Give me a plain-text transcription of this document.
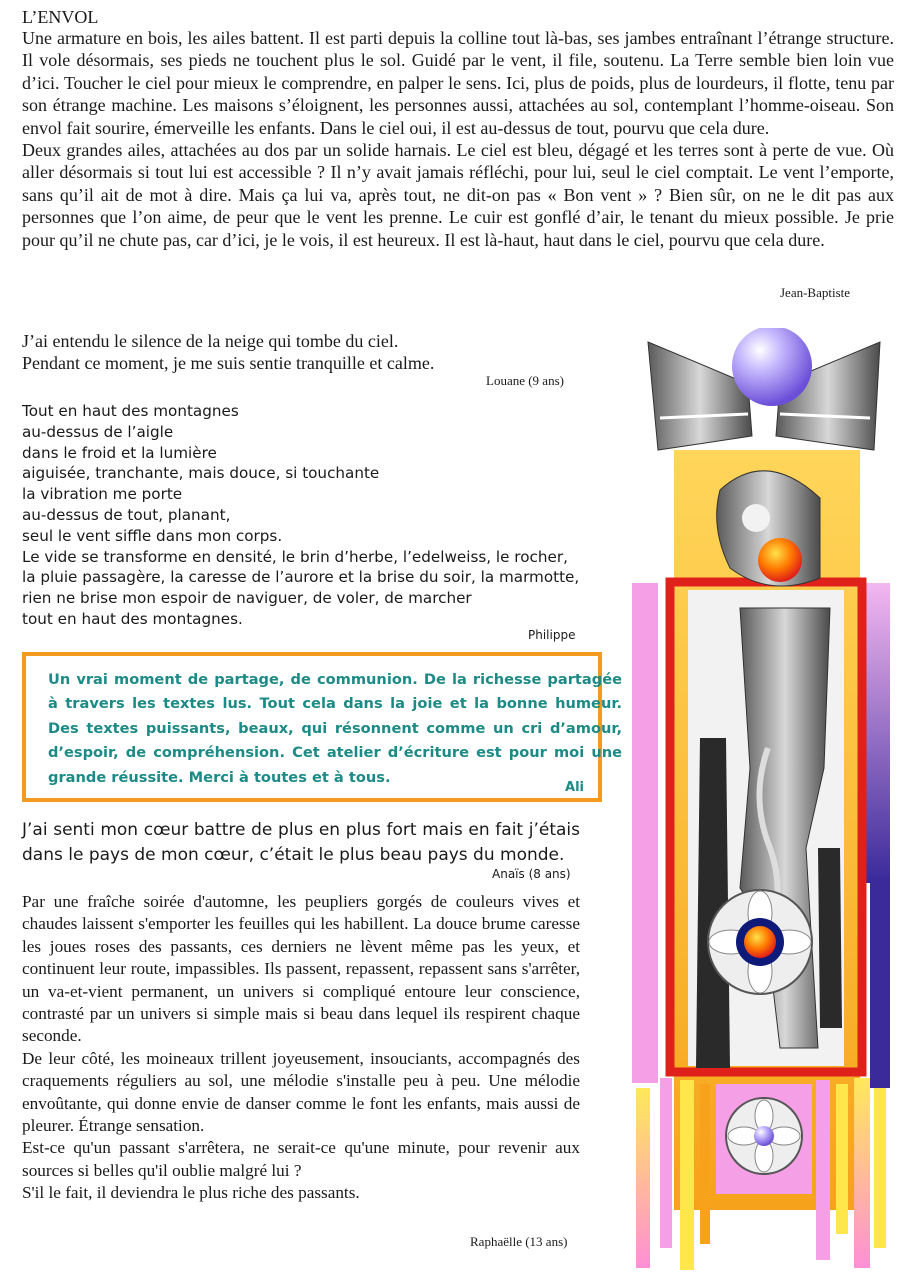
L’ENVOL

Une armature en bois, les ailes battent. Il est parti depuis la colline tout là-bas, ses jambes entraînant l’étrange structure. Il vole désormais, ses pieds ne touchent plus le sol. Guidé par le vent, il file, soutenu. La Terre semble bien loin vue d’ici. Toucher le ciel pour mieux le comprendre, en palper le sens. Ici, plus de poids, plus de lourdeurs, il flotte, tenu par son étrange machine. Les maisons s’éloignent, les personnes aussi, attachées au sol, contemplant l’homme-oiseau. Son envol fait sourire, émerveille les enfants. Dans le ciel oui, il est au-dessus de tout, pourvu que cela dure.

Deux grandes ailes, attachées au dos par un solide harnais. Le ciel est bleu, dégagé et les terres sont à perte de vue. Où aller désormais si tout lui est accessible ? Il n’y avait jamais réfléchi, pour lui, seul le ciel comptait. Le vent l’emporte, sans qu’il ait de mot à dire. Mais ça lui va, après tout, ne dit-on pas « Bon vent » ? Bien sûr, on ne le dit pas aux personnes que l’on aime, de peur que le vent les prenne. Le cuir est gonflé d’air, le tenant du mieux possible. Je prie pour qu’il ne chute pas, car d’ici, je le vois, il est heureux. Il est là-haut, haut dans le ciel, pourvu que cela dure.

Jean-Baptiste
J’ai entendu le silence de la neige qui tombe du ciel.
Pendant ce moment, je me suis sentie tranquille et calme.
Louane (9 ans)
Tout en haut des montagnes
au-dessus de l’aigle
dans le froid et la lumière
aiguisée, tranchante, mais douce, si touchante
la vibration me porte
au-dessus de tout, planant,
seul le vent siffle dans mon corps.
Le vide se transforme en densité, le brin d’herbe, l’edelweiss, le rocher,
la pluie passagère, la caresse de l’aurore et la brise du soir, la marmotte,
rien ne brise mon espoir de naviguer, de voler, de marcher
tout en haut des montagnes.
Philippe
Un vrai moment de partage, de communion. De la richesse partagée à travers les textes lus. Tout cela dans la joie et la bonne humeur. Des textes puissants, beaux, qui résonnent comme un cri d’amour, d’espoir, de compréhension. Cet atelier d’écriture est pour moi une grande réussite. Merci à toutes et à tous.
Ali
J’ai senti mon cœur battre de plus en plus fort mais en fait j’étais dans le pays de mon cœur, c’était le plus beau pays du monde.
Anaïs (8 ans)

Par une fraîche soirée d'automne, les peupliers gorgés de couleurs vives et chaudes laissent s'emporter les feuilles qui les habillent. La douce brume caresse les joues roses des passants, ces derniers ne lèvent même pas les yeux, et continuent leur route, impassibles. Ils passent, repassent, repassent sans s'arrêter, un va-et-vient permanent, un univers si compliqué entoure leur conscience, contrasté par un univers si simple mais si beau dans lequel ils respirent chaque seconde.

De leur côté, les moineaux trillent joyeusement, insouciants, accompagnés des craquements réguliers au sol, une mélodie s'installe peu à peu. Une mélodie envoûtante, qui donne envie de danser comme le font les enfants, mais aussi de pleurer. Étrange sensation.

Est-ce qu'un passant s'arrêtera, ne serait-ce qu'une minute, pour revenir aux sources si belles qu'il oublie malgré lui ?

S'il le fait, il deviendra le plus riche des passants.

Raphaëlle (13 ans)
